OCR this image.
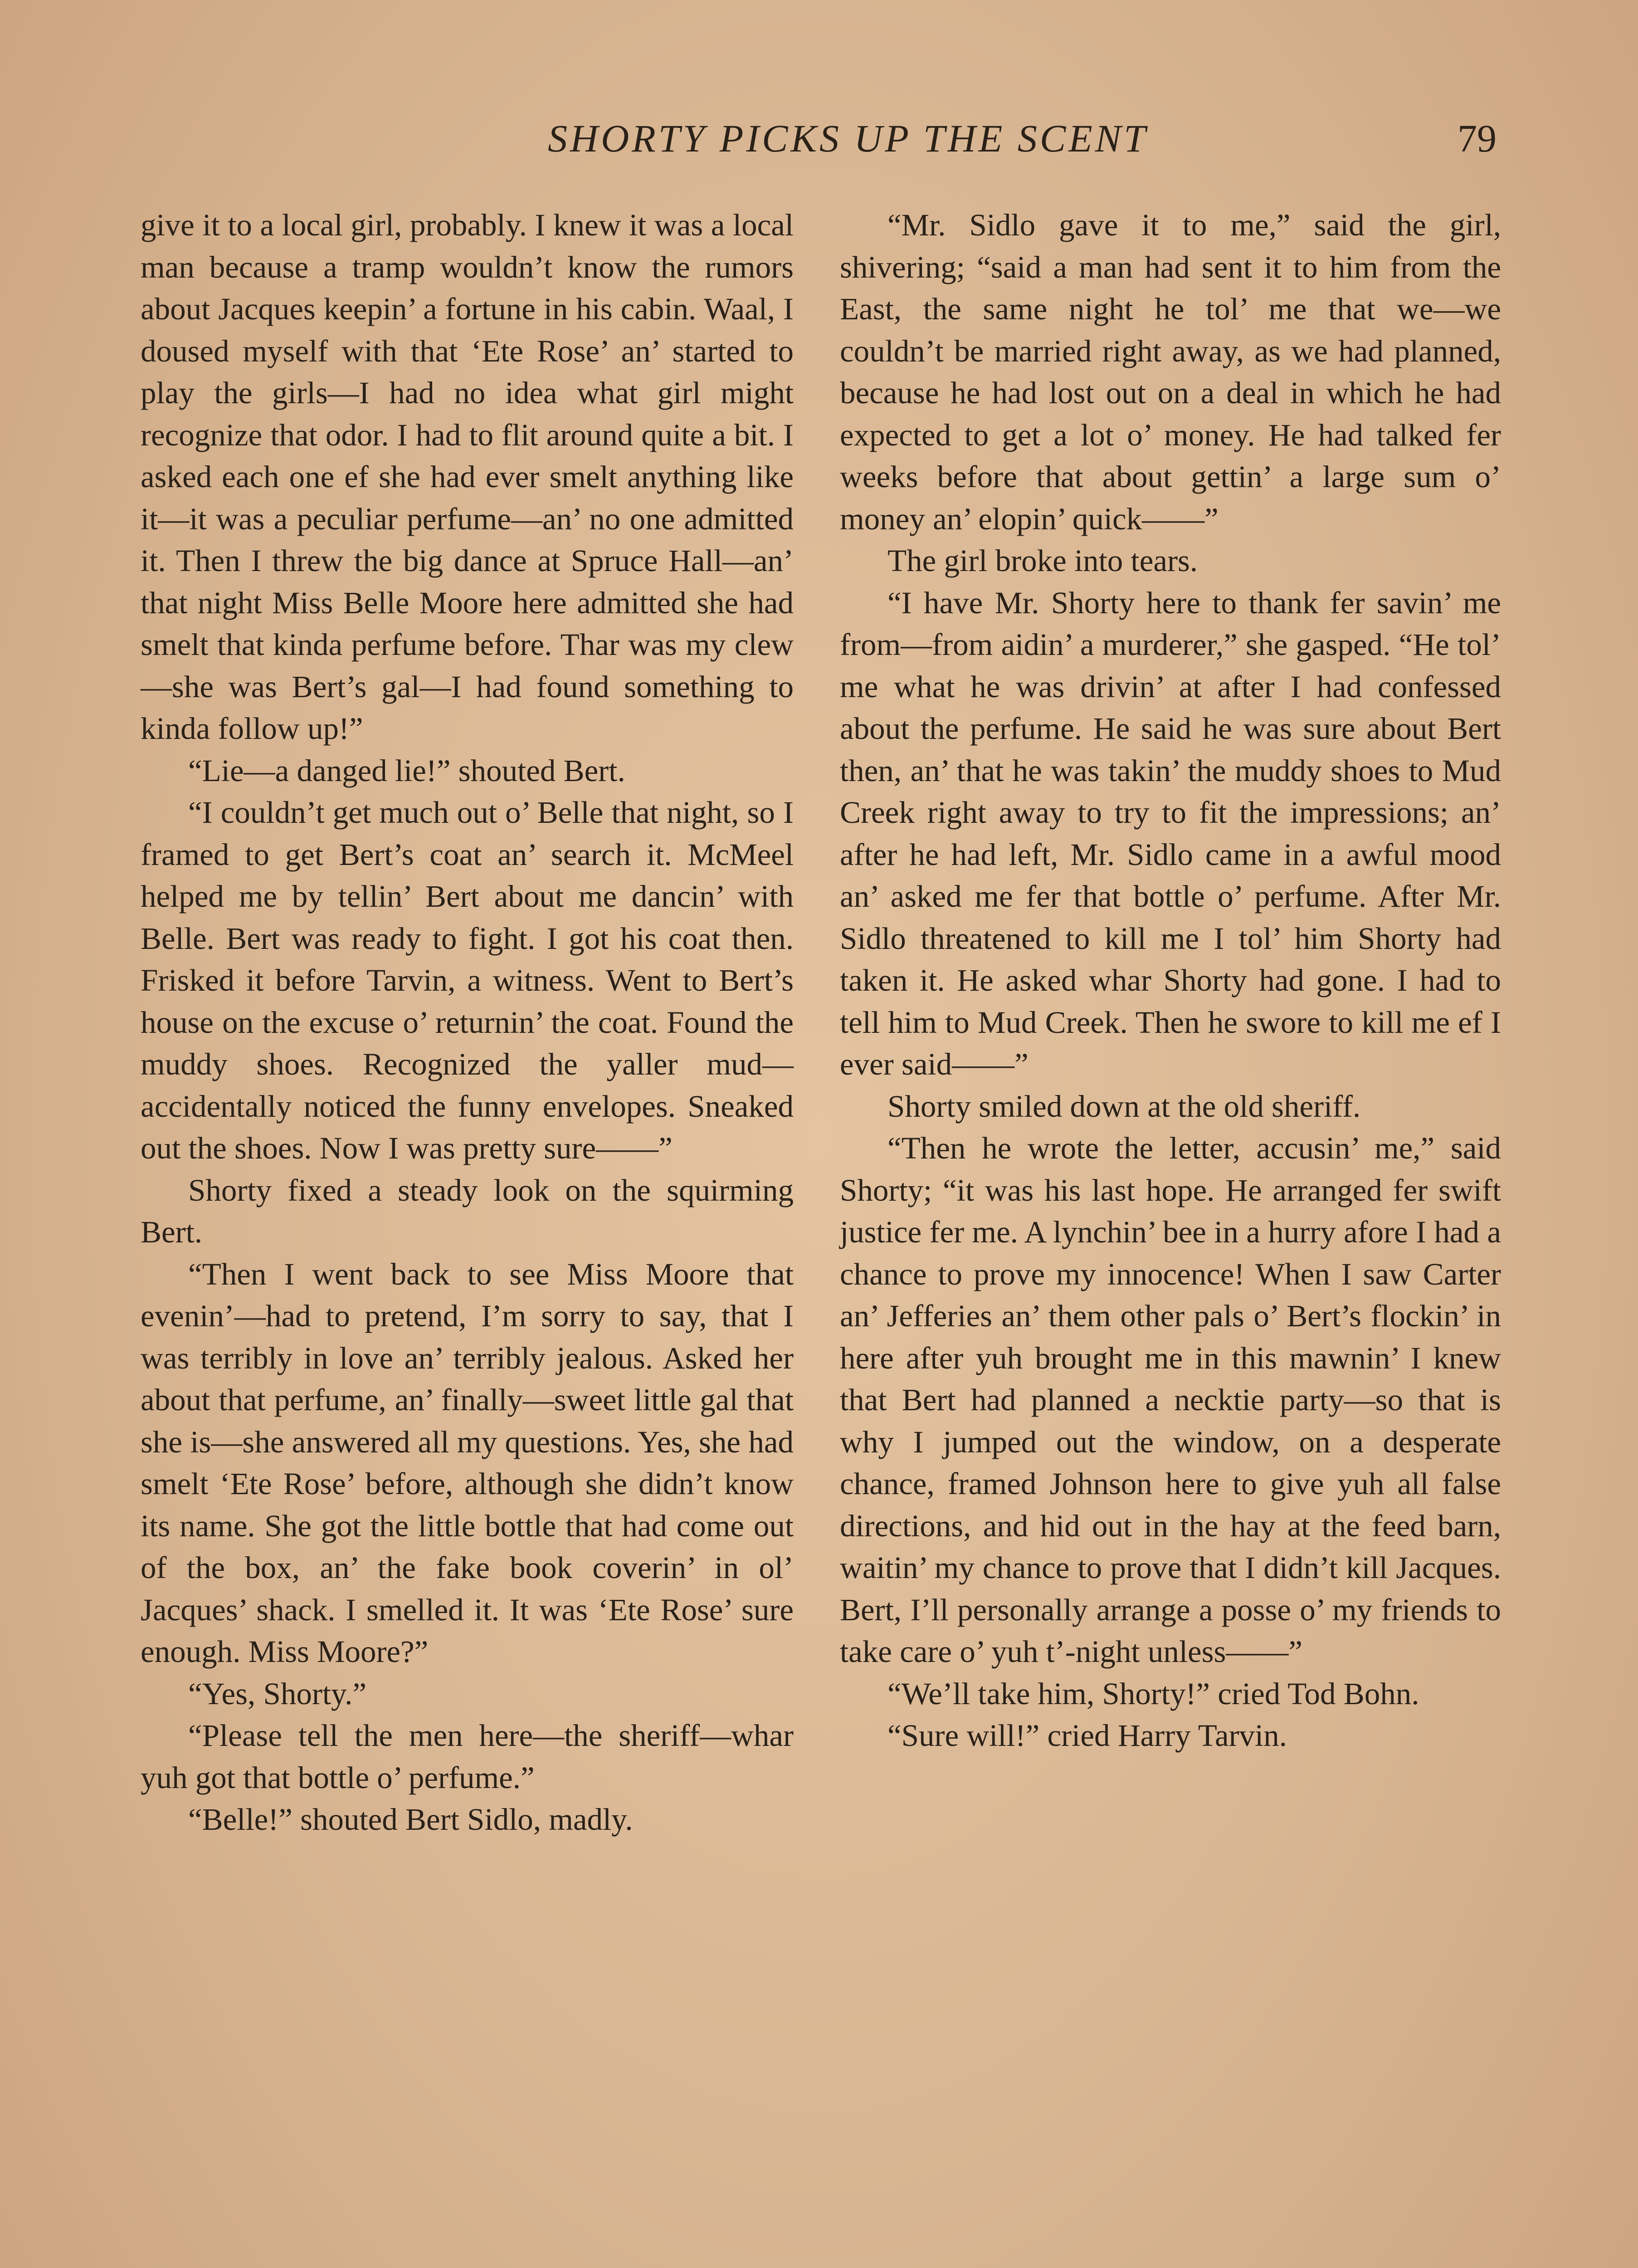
SHORTY PICKS UP THE SCENT	79

give it to a local girl, probably. I knew it was a local man because a tramp wouldn’t know the rumors about Jacques keepin’ a fortune in his cabin. Waal, I doused myself with that ‘Ete Rose’ an’ started to play the girls—I had no idea what girl might recognize that odor. I had to flit around quite a bit. I asked each one ef she had ever smelt anything like it—it was a peculiar perfume—an’ no one admitted it. Then I threw the big dance at Spruce Hall—an’ that night Miss Belle Moore here admitted she had smelt that kinda perfume before. Thar was my clew—she was Bert’s gal—I had found something to kinda follow up!”

“Lie—a danged lie!” shouted Bert.

“I couldn’t get much out o’ Belle that night, so I framed to get Bert’s coat an’ search it. McMeel helped me by tellin’ Bert about me dancin’ with Belle. Bert was ready to fight. I got his coat then. Frisked it before Tarvin, a witness. Went to Bert’s house on the excuse o’ returnin’ the coat. Found the muddy shoes. Recognized the yaller mud—accidentally noticed the funny envelopes. Sneaked out the shoes. Now I was pretty sure——”

Shorty fixed a steady look on the squirming Bert.

“Then I went back to see Miss Moore that evenin’—had to pretend, I’m sorry to say, that I was terribly in love an’ terribly jealous. Asked her about that perfume, an’ finally—sweet little gal that she is—she answered all my questions. Yes, she had smelt ‘Ete Rose’ before, although she didn’t know its name. She got the little bottle that had come out of the box, an’ the fake book coverin’ in ol’ Jacques’ shack. I smelled it. It was ‘Ete Rose’ sure enough. Miss Moore?”

“Yes, Shorty.”

“Please tell the men here—the sheriff—whar yuh got that bottle o’ perfume.”

“Belle!” shouted Bert Sidlo, madly.

“Mr. Sidlo gave it to me,” said the girl, shivering; “said a man had sent it to him from the East, the same night he tol’ me that we—we couldn’t be married right away, as we had planned, because he had lost out on a deal in which he had expected to get a lot o’ money. He had talked fer weeks before that about gettin’ a large sum o’ money an’ elopin’ quick——”

The girl broke into tears.

“I have Mr. Shorty here to thank fer savin’ me from—from aidin’ a murderer,” she gasped. “He tol’ me what he was drivin’ at after I had confessed about the perfume. He said he was sure about Bert then, an’ that he was takin’ the muddy shoes to Mud Creek right away to try to fit the impressions; an’ after he had left, Mr. Sidlo came in a awful mood an’ asked me fer that bottle o’ perfume. After Mr. Sidlo threatened to kill me I tol’ him Shorty had taken it. He asked whar Shorty had gone. I had to tell him to Mud Creek. Then he swore to kill me ef I ever said——”

Shorty smiled down at the old sheriff.

“Then he wrote the letter, accusin’ me,” said Shorty; “it was his last hope. He arranged fer swift justice fer me. A lynchin’ bee in a hurry afore I had a chance to prove my innocence! When I saw Carter an’ Jefferies an’ them other pals o’ Bert’s flockin’ in here after yuh brought me in this mawnin’ I knew that Bert had planned a necktie party—so that is why I jumped out the window, on a desperate chance, framed Johnson here to give yuh all false directions, and hid out in the hay at the feed barn, waitin’ my chance to prove that I didn’t kill Jacques. Bert, I’ll personally arrange a posse o’ my friends to take care o’ yuh t’-night unless——”

“We’ll take him, Shorty!” cried Tod Bohn.

“Sure will!” cried Harry Tarvin.
